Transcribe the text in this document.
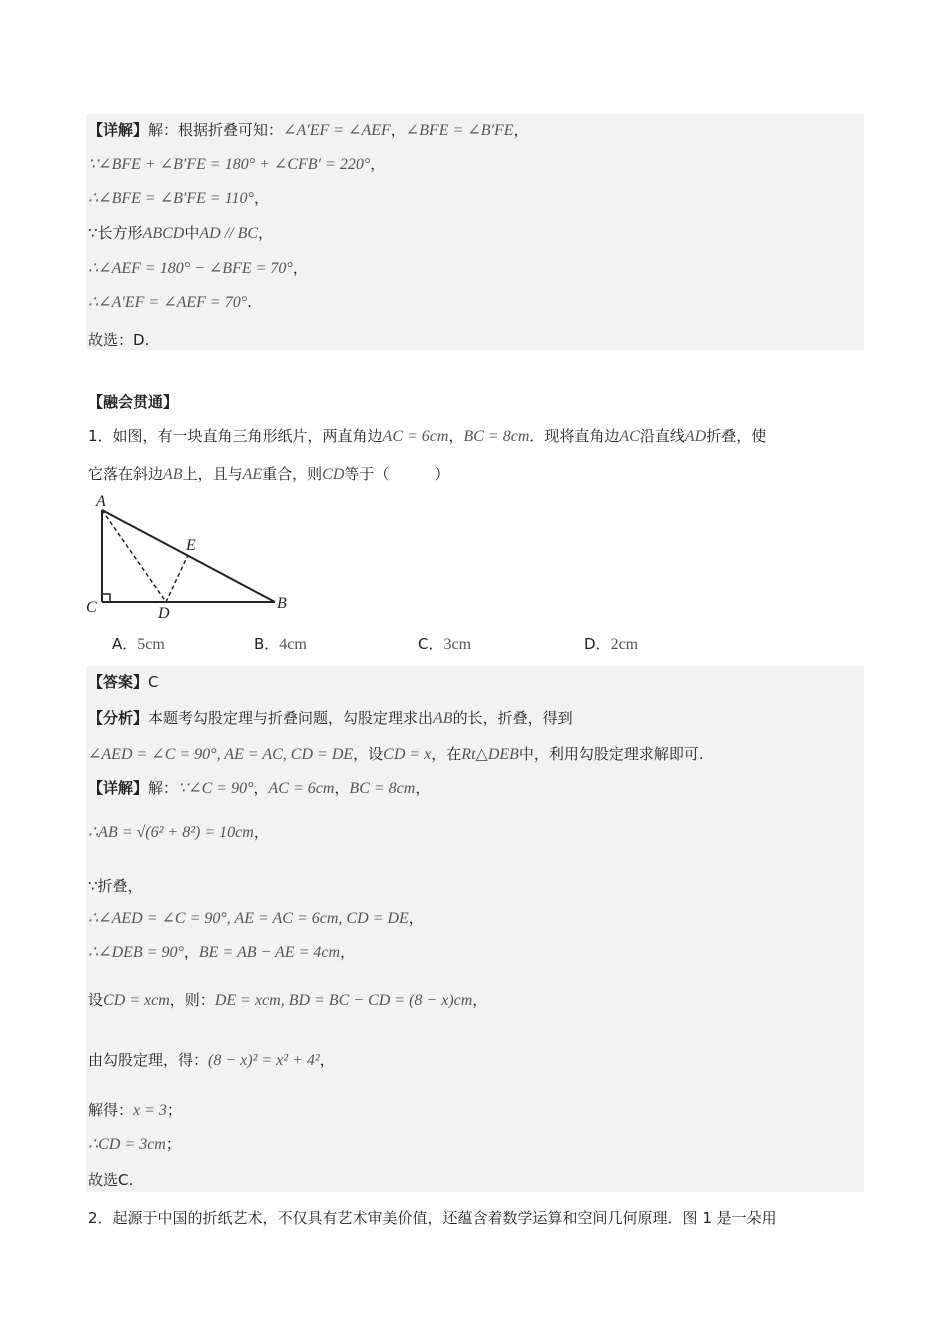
【详解】解：根据折叠可知：∠A′EF = ∠AEF，∠BFE = ∠B′FE，
∵∠BFE + ∠B′FE = 180° + ∠CFB′ = 220°，
∴∠BFE = ∠B′FE = 110°，
∵长方形ABCD中AD // BC，
∴∠AEF = 180° − ∠BFE = 70°，
∴∠A′EF = ∠AEF = 70°.
故选：D.
【融会贯通】
1．如图，有一块直角三角形纸片，两直角边AC = 6cm，BC = 8cm．现将直角边AC沿直线AD折叠，使
它落在斜边AB上，且与AE重合，则CD等于（　　　）
A
E
C	D
B
A．5cm	B．4cm	C．3cm	D．2cm
【答案】C
【分析】本题考勾股定理与折叠问题，勾股定理求出AB的长，折叠，得到
∠AED = ∠C = 90°, AE = AC, CD = DE，设CD = x，在Rt△DEB中，利用勾股定理求解即可.
【详解】解：∵∠C = 90°，AC = 6cm，BC = 8cm，
∴AB = √(6² + 8²) = 10cm，
∵折叠，
∴∠AED = ∠C = 90°, AE = AC = 6cm, CD = DE，
∴∠DEB = 90°，BE = AB − AE = 4cm，
设CD = xcm，则：DE = xcm, BD = BC − CD = (8 − x)cm，
由勾股定理，得：(8 − x)² = x² + 4²，
解得：x = 3；
∴CD = 3cm；
故选C.
2．起源于中国的折纸艺术，不仅具有艺术审美价值，还蕴含着数学运算和空间几何原理．图 1 是一朵用
